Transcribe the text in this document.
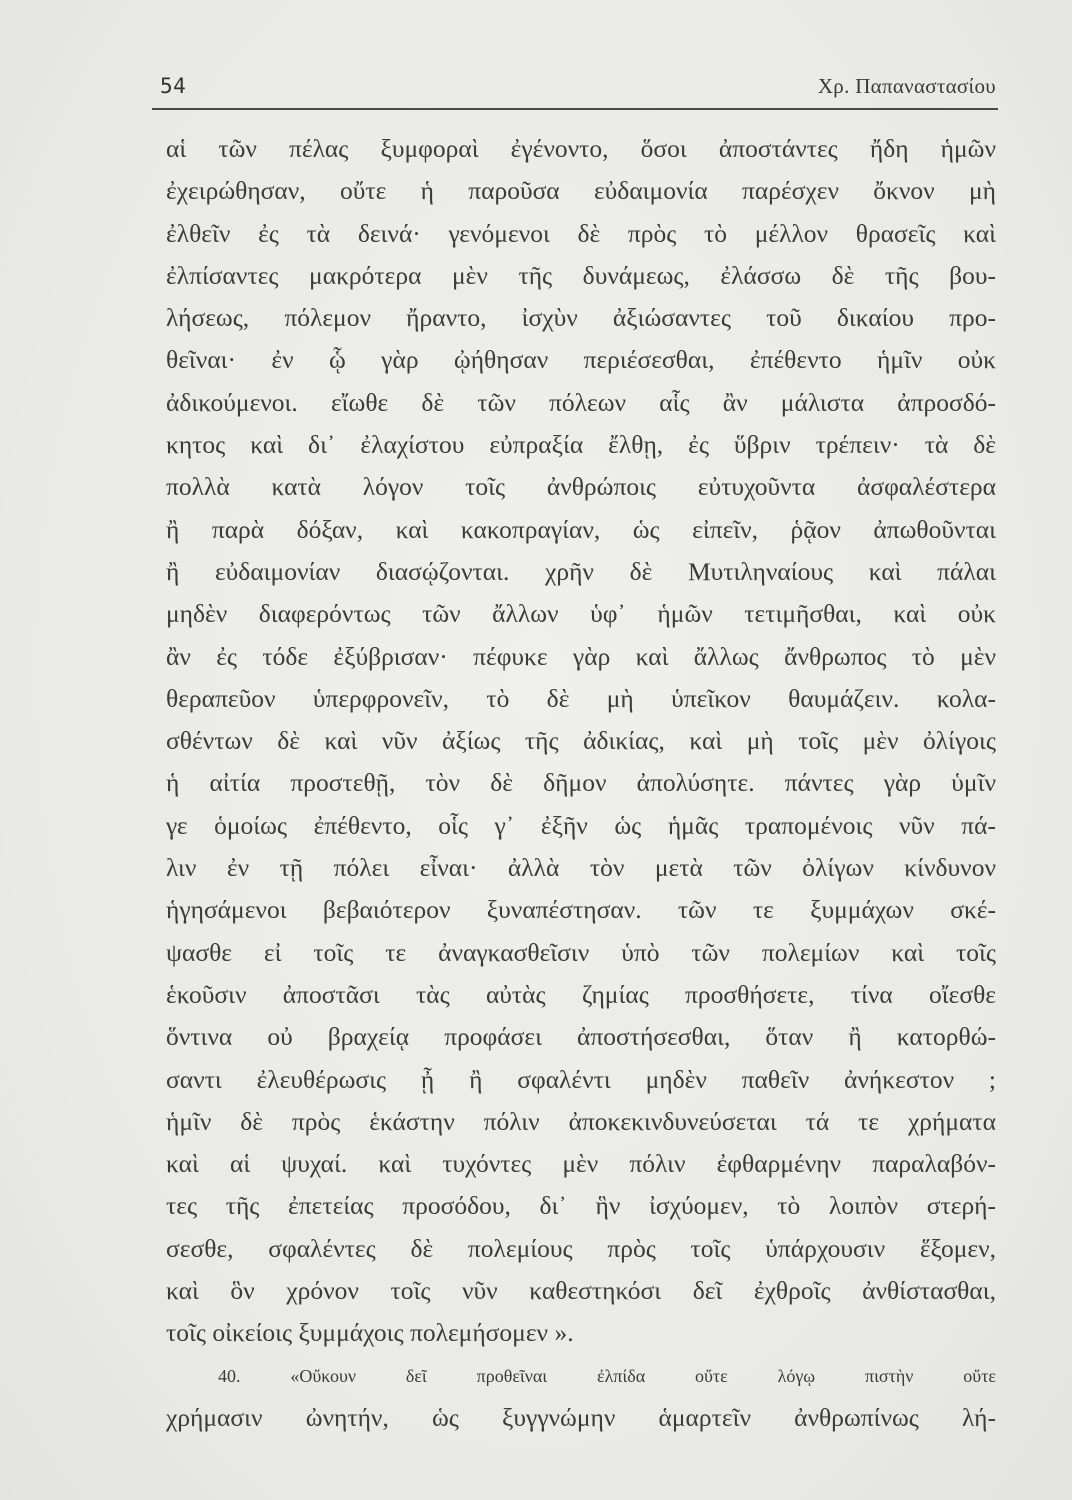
54	Χρ. Παπαναστασίου
αἱ τῶν πέλας ξυμφοραὶ ἐγένοντο, ὅσοι ἀποστάντες ἤδη ἡμῶν
ἐχειρώθησαν, οὔτε ἡ παροῦσα εὐδαιμονία παρέσχεν ὄκνον μὴ
ἐλθεῖν ἐς τὰ δεινά· γενόμενοι δὲ πρὸς τὸ μέλλον θρασεῖς καὶ
ἐλπίσαντες μακρότερα μὲν τῆς δυνάμεως, ἐλάσσω δὲ τῆς βου-
λήσεως, πόλεμον ἤραντο, ἰσχὺν ἀξιώσαντες τοῦ δικαίου προ-
θεῖναι· ἐν ᾧ γὰρ ᾠήθησαν περιέσεσθαι, ἐπέθεντο ἡμῖν οὐκ
ἀδικούμενοι. εἴωθε δὲ τῶν πόλεων αἷς ἂν μάλιστα ἀπροσδό-
κητος καὶ δι᾽ ἐλαχίστου εὐπραξία ἔλθῃ, ἐς ὕβριν τρέπειν· τὰ δὲ
πολλὰ κατὰ λόγον τοῖς ἀνθρώποις εὐτυχοῦντα ἀσφαλέστερα
ἢ παρὰ δόξαν, καὶ κακοπραγίαν, ὡς εἰπεῖν, ῥᾷον ἀπωθοῦνται
ἢ εὐδαιμονίαν διασῴζονται. χρῆν δὲ Μυτιληναίους καὶ πάλαι
μηδὲν διαφερόντως τῶν ἄλλων ὑφ᾽ ἡμῶν τετιμῆσθαι, καὶ οὐκ
ἂν ἐς τόδε ἐξύβρισαν· πέφυκε γὰρ καὶ ἄλλως ἄνθρωπος τὸ μὲν
θεραπεῦον ὑπερφρονεῖν, τὸ δὲ μὴ ὑπεῖκον θαυμάζειν. κολα-
σθέντων δὲ καὶ νῦν ἀξίως τῆς ἀδικίας, καὶ μὴ τοῖς μὲν ὀλίγοις
ἡ αἰτία προστεθῇ, τὸν δὲ δῆμον ἀπολύσητε. πάντες γὰρ ὑμῖν
γε ὁμοίως ἐπέθεντο, οἷς γ᾽ ἐξῆν ὡς ἡμᾶς τραπομένοις νῦν πά-
λιν ἐν τῇ πόλει εἶναι· ἀλλὰ τὸν μετὰ τῶν ὀλίγων κίνδυνον
ἡγησάμενοι βεβαιότερον ξυναπέστησαν. τῶν τε ξυμμάχων σκέ-
ψασθε εἰ τοῖς τε ἀναγκασθεῖσιν ὑπὸ τῶν πολεμίων καὶ τοῖς
ἑκοῦσιν ἀποστᾶσι τὰς αὐτὰς ζημίας προσθήσετε, τίνα οἴεσθε
ὅντινα οὐ βραχείᾳ προφάσει ἀποστήσεσθαι, ὅταν ἢ κατορθώ-
σαντι ἐλευθέρωσις ᾖ ἢ σφαλέντι μηδὲν παθεῖν ἀνήκεστον ;
ἡμῖν δὲ πρὸς ἑκάστην πόλιν ἀποκεκινδυνεύσεται τά τε χρήματα
καὶ αἱ ψυχαί. καὶ τυχόντες μὲν πόλιν ἐφθαρμένην παραλαβόν-
τες τῆς ἐπετείας προσόδου, δι᾽ ἣν ἰσχύομεν, τὸ λοιπὸν στερή-
σεσθε, σφαλέντες δὲ πολεμίους πρὸς τοῖς ὑπάρχουσιν ἕξομεν,
καὶ ὃν χρόνον τοῖς νῦν καθεστηκόσι δεῖ ἐχθροῖς ἀνθίστασθαι,
τοῖς οἰκείοις ξυμμάχοις πολεμήσομεν ».
40. «Οὔκουν δεῖ προθεῖναι ἐλπίδα οὔτε λόγῳ πιστὴν οὔτε
χρήμασιν ὠνητήν, ὡς ξυγγνώμην ἁμαρτεῖν ἀνθρωπίνως λή-
